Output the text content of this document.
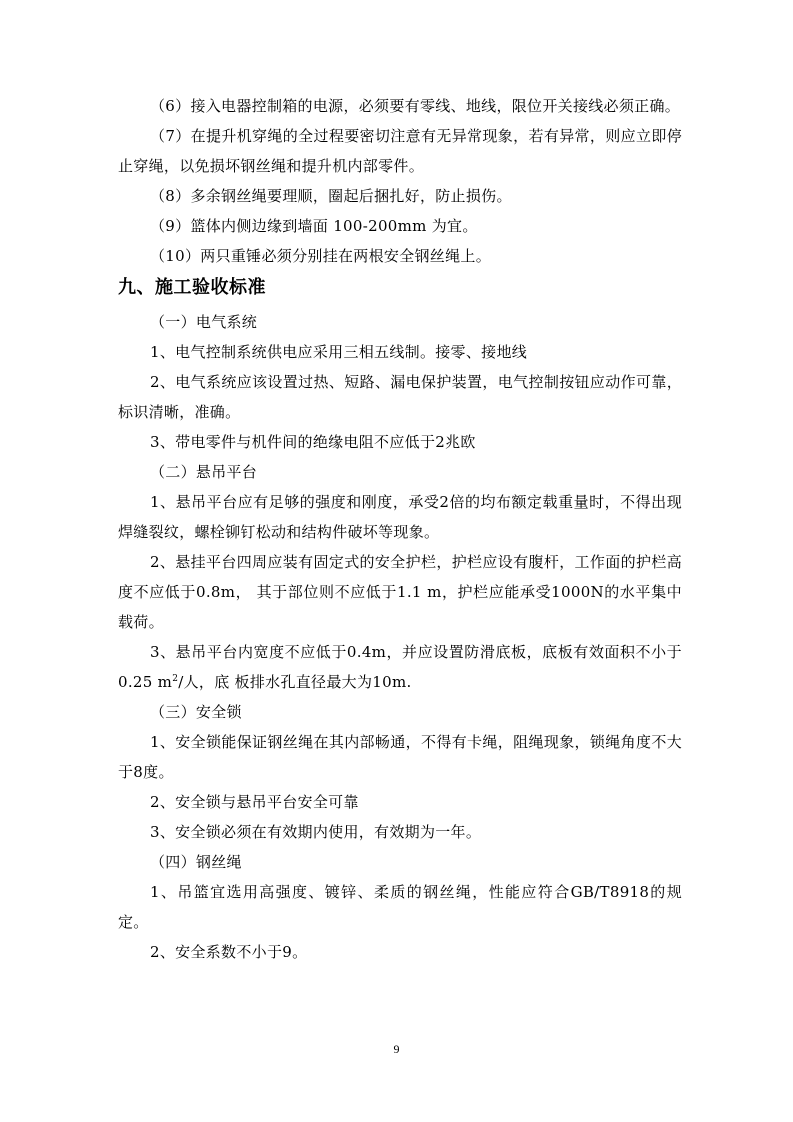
（6）接入电器控制箱的电源，必须要有零线、地线，限位开关接线必须正确。

（7）在提升机穿绳的全过程要密切注意有无异常现象，若有异常，则应立即停止穿绳，以免损坏钢丝绳和提升机内部零件。

（8）多余钢丝绳要理顺，圈起后捆扎好，防止损伤。

（9）篮体内侧边缘到墙面 100-200mm 为宜。

（10）两只重锤必须分别挂在两根安全钢丝绳上。

九、施工验收标准

（一）电气系统

1、电气控制系统供电应采用三相五线制。接零、接地线

2、电气系统应该设置过热、短路、漏电保护装置，电气控制按钮应动作可靠，标识清晰，准确。

3、带电零件与机件间的绝缘电阻不应低于2兆欧

（二）悬吊平台

1、悬吊平台应有足够的强度和刚度，承受2倍的均布额定载重量时，不得出现焊缝裂纹，螺栓铆钉松动和结构件破坏等现象。

2、悬挂平台四周应装有固定式的安全护栏，护栏应设有腹杆，工作面的护栏高度不应低于0.8m， 其于部位则不应低于1.1 m，护栏应能承受1000N的水平集中载荷。

3、悬吊平台内宽度不应低于0.4m，并应设置防滑底板，底板有效面积不小于0.25 $m^2/$人，底 板排水孔直径最大为10m.

（三）安全锁

1、安全锁能保证钢丝绳在其内部畅通，不得有卡绳，阻绳现象，锁绳角度不大于8度。

2、安全锁与悬吊平台安全可靠

3、安全锁必须在有效期内使用，有效期为一年。

（四）钢丝绳

1、吊篮宜选用高强度、镀锌、柔质的钢丝绳，性能应符合GB/T8918的规定。

2、安全系数不小于9。

9
